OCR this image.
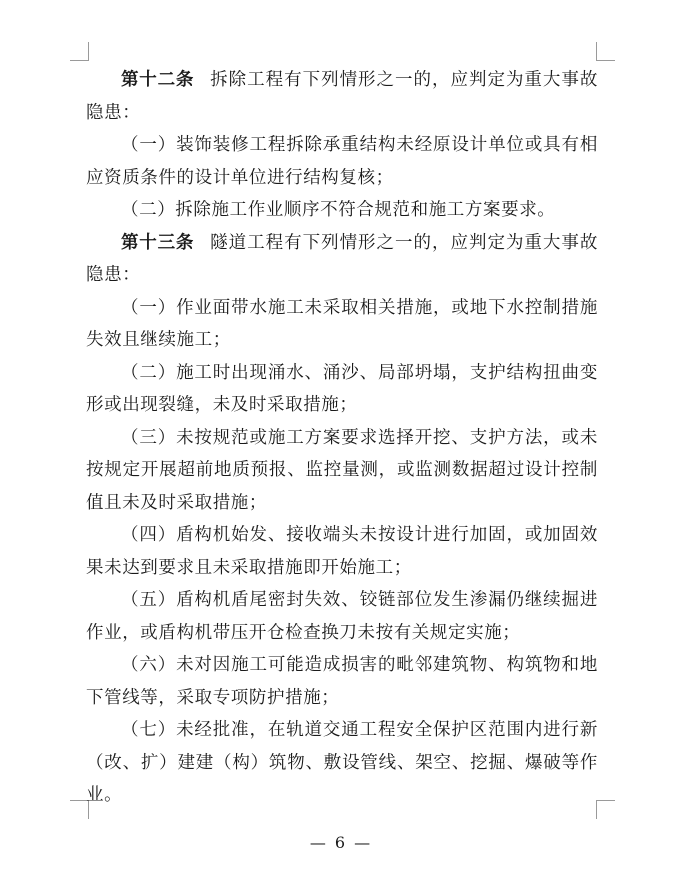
第十二条 拆除工程有下列情形之一的，应判定为重大事故隐患：

（一）装饰装修工程拆除承重结构未经原设计单位或具有相应资质条件的设计单位进行结构复核；

（二）拆除施工作业顺序不符合规范和施工方案要求。

第十三条 隧道工程有下列情形之一的，应判定为重大事故隐患：

（一）作业面带水施工未采取相关措施，或地下水控制措施失效且继续施工；

（二）施工时出现涌水、涌沙、局部坍塌，支护结构扭曲变形或出现裂缝，未及时采取措施；

（三）未按规范或施工方案要求选择开挖、支护方法，或未按规定开展超前地质预报、监控量测，或监测数据超过设计控制值且未及时采取措施；

（四）盾构机始发、接收端头未按设计进行加固，或加固效果未达到要求且未采取措施即开始施工；

（五）盾构机盾尾密封失效、铰链部位发生渗漏仍继续掘进作业，或盾构机带压开仓检查换刀未按有关规定实施；

（六）未对因施工可能造成损害的毗邻建筑物、构筑物和地下管线等，采取专项防护措施；

（七）未经批准，在轨道交通工程安全保护区范围内进行新（改、扩）建建（构）筑物、敷设管线、架空、挖掘、爆破等作业。

— 6 —
